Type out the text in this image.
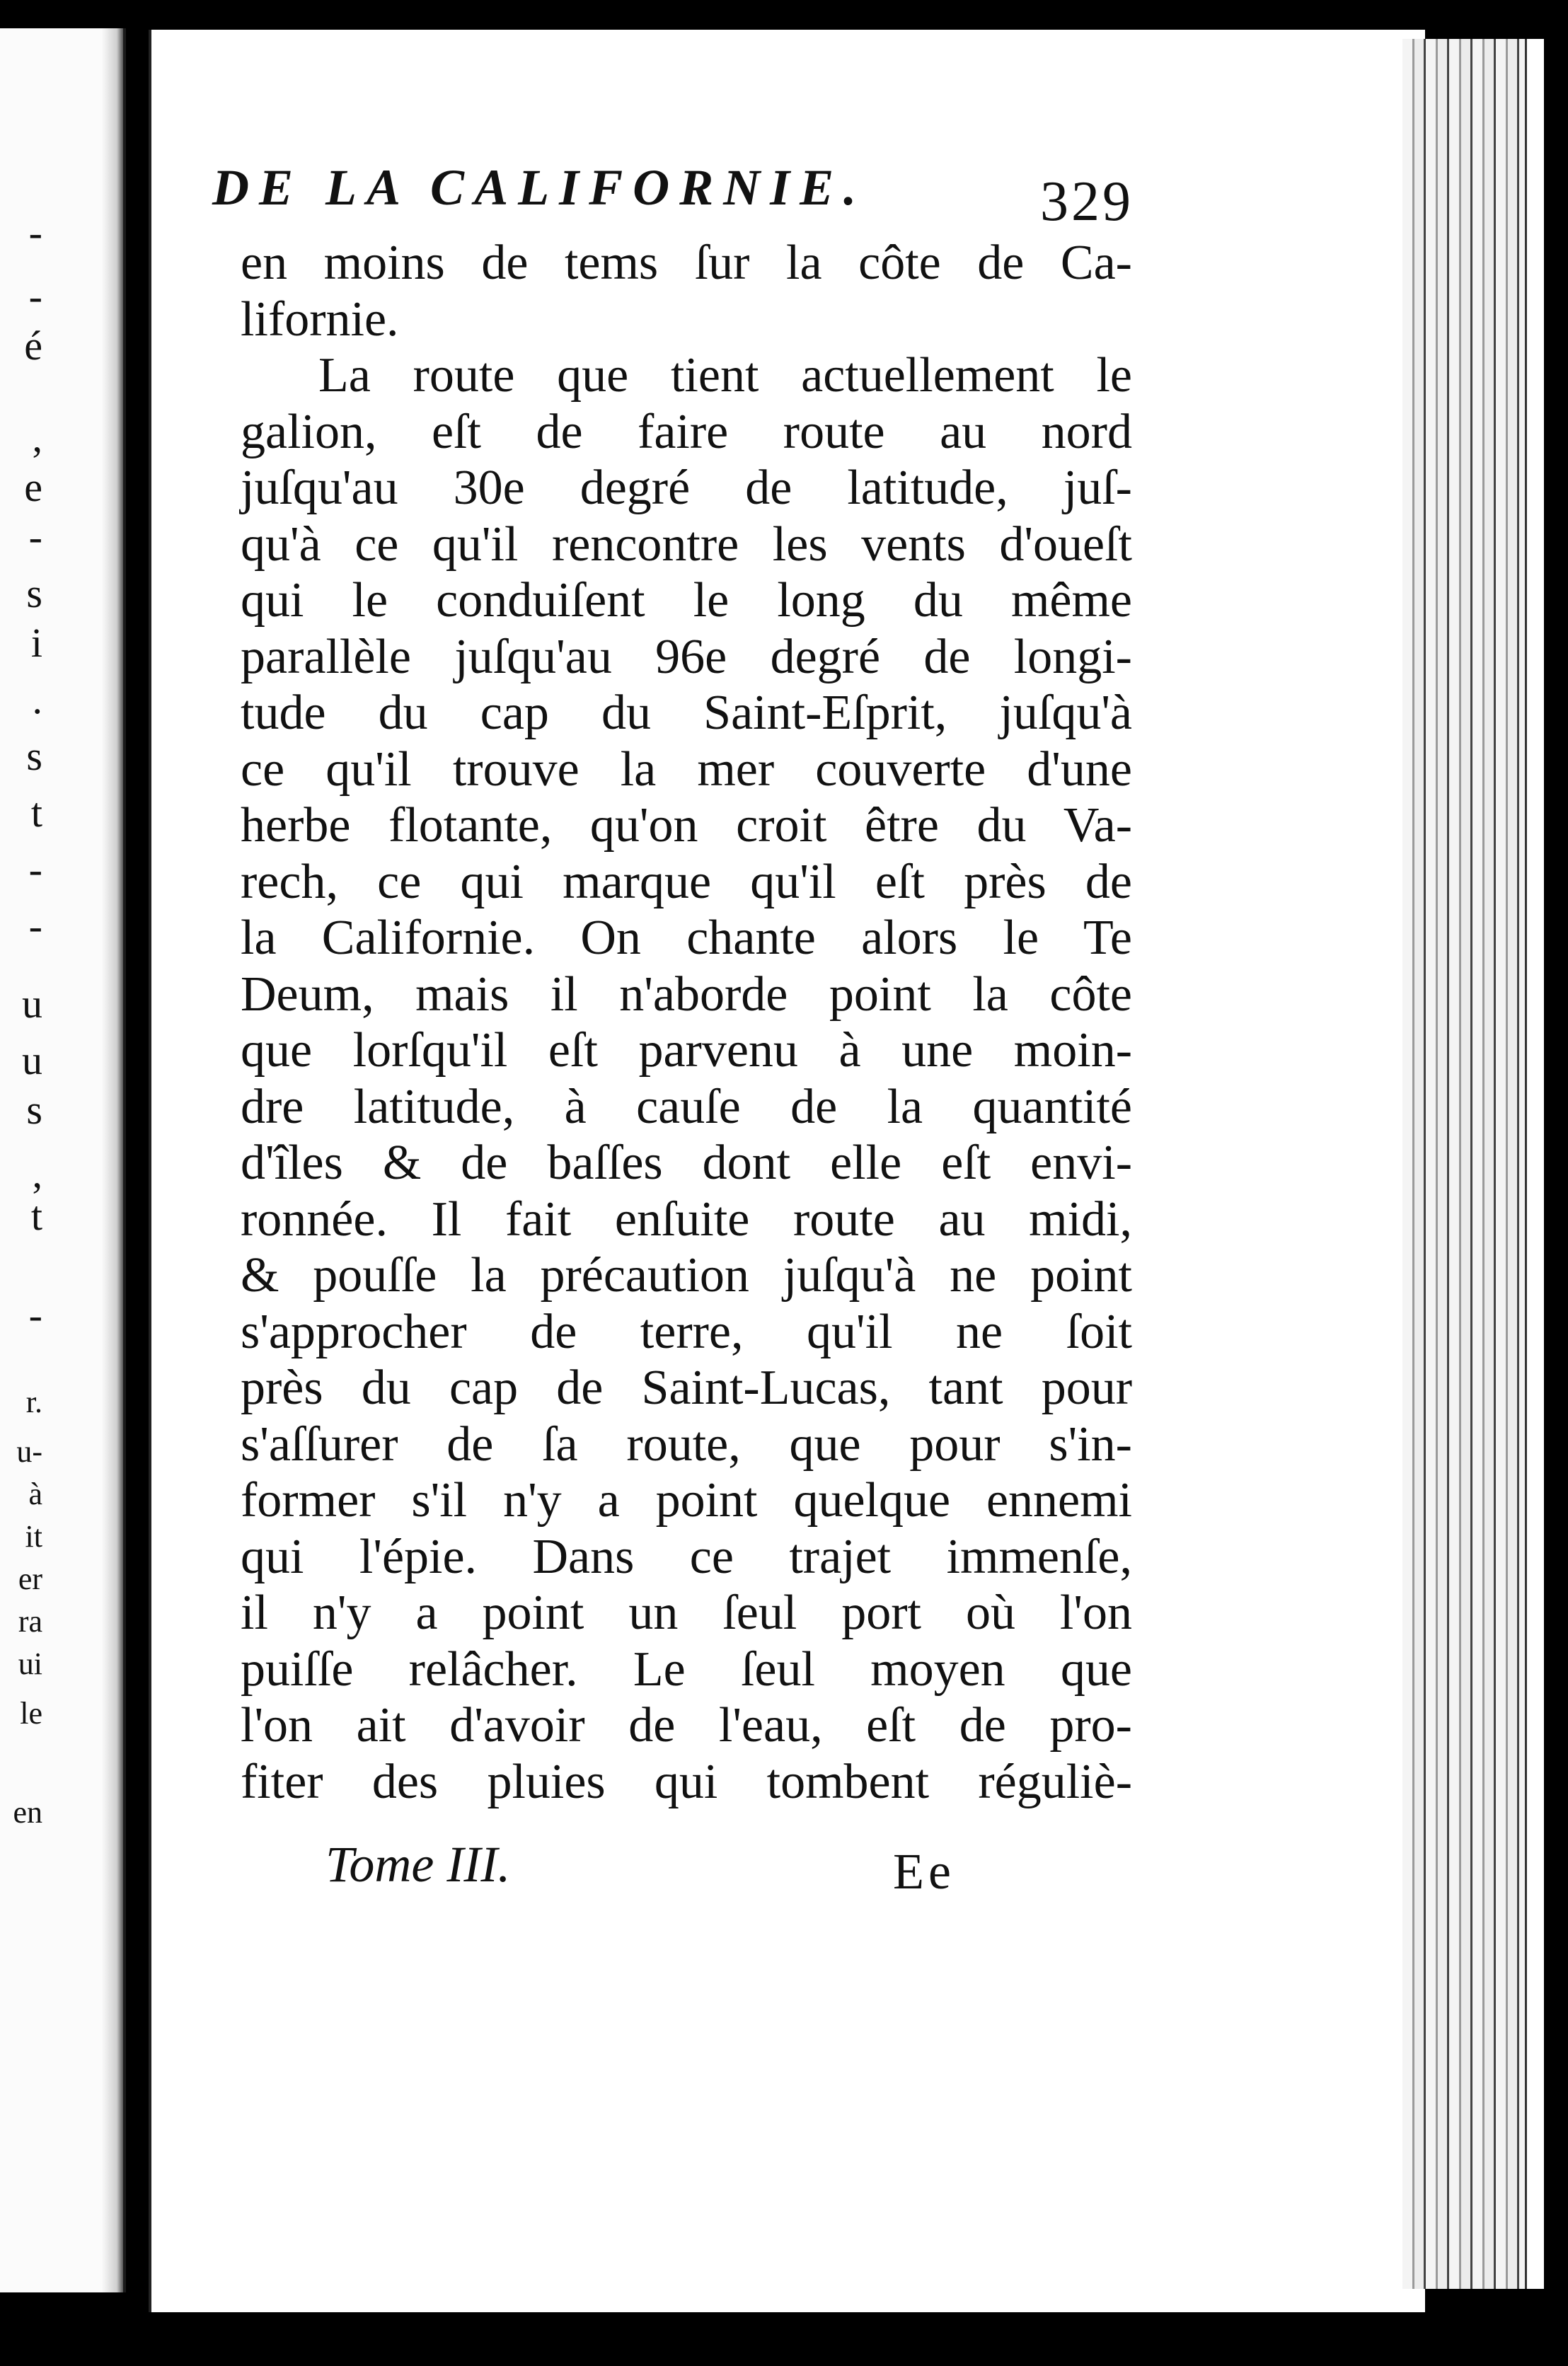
-
-
é
,
e
-
s
i
.
s
t
-
-
u
u
s
,
t
-
r.
u-
à
it
er
ra
ui
le
en
DE LA CALIFORNIE.	329
en moins de tems ſur la côte de Ca-
lifornie.
La route que tient actuellement le
galion, eſt de faire route au nord
juſqu'au 30e degré de latitude, juſ-
qu'à ce qu'il rencontre les vents d'oueſt
qui le conduiſent le long du même
parallèle juſqu'au 96e degré de longi-
tude du cap du Saint-Eſprit, juſqu'à
ce qu'il trouve la mer couverte d'une
herbe flotante, qu'on croit être du Va-
rech, ce qui marque qu'il eſt près de
la Californie. On chante alors le Te
Deum, mais il n'aborde point la côte
que lorſqu'il eſt parvenu à une moin-
dre latitude, à cauſe de la quantité
d'îles & de baſſes dont elle eſt envi-
ronnée. Il fait enſuite route au midi,
& pouſſe la précaution juſqu'à ne point
s'approcher de terre, qu'il ne ſoit
près du cap de Saint-Lucas, tant pour
s'aſſurer de ſa route, que pour s'in-
former s'il n'y a point quelque ennemi
qui l'épie. Dans ce trajet immenſe,
il n'y a point un ſeul port où l'on
puiſſe relâcher. Le ſeul moyen que
l'on ait d'avoir de l'eau, eſt de pro-
fiter des pluies qui tombent réguliè-
Tome III.	Ee
